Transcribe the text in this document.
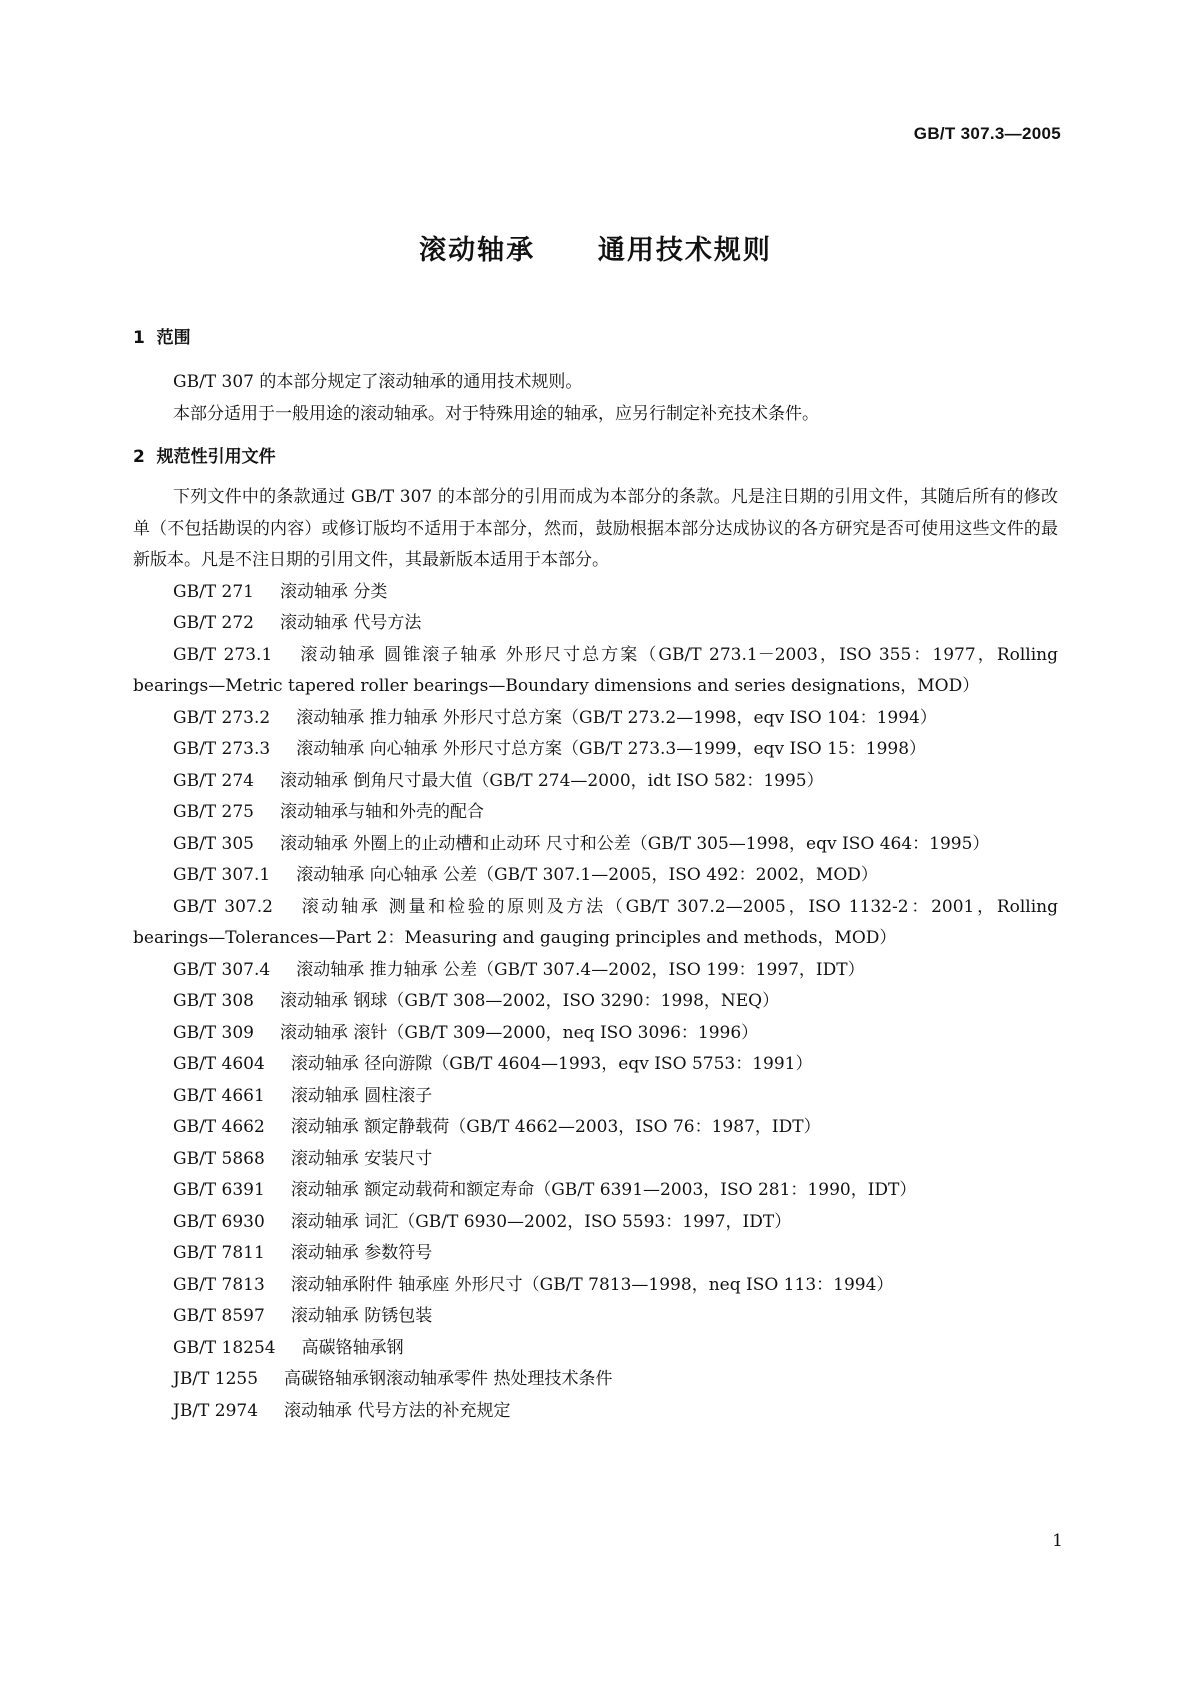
GB/T 307.3—2005
滚动轴承  通用技术规则
1  范围

GB/T 307 的本部分规定了滚动轴承的通用技术规则。

本部分适用于一般用途的滚动轴承。对于特殊用途的轴承，应另行制定补充技术条件。

2  规范性引用文件

下列文件中的条款通过 GB/T 307 的本部分的引用而成为本部分的条款。凡是注日期的引用文件，其随后所有的修改单（不包括勘误的内容）或修订版均不适用于本部分，然而，鼓励根据本部分达成协议的各方研究是否可使用这些文件的最新版本。凡是不注日期的引用文件，其最新版本适用于本部分。

GB/T 271 滚动轴承 分类
GB/T 272 滚动轴承 代号方法
GB/T 273.1 滚动轴承 圆锥滚子轴承 外形尺寸总方案（GB/T 273.1－2003，ISO 355：1977，Rolling bearings—Metric tapered roller bearings—Boundary dimensions and series designations，MOD）
GB/T 273.2 滚动轴承 推力轴承 外形尺寸总方案（GB/T 273.2—1998，eqv ISO 104：1994）
GB/T 273.3 滚动轴承 向心轴承 外形尺寸总方案（GB/T 273.3—1999，eqv ISO 15：1998）
GB/T 274 滚动轴承 倒角尺寸最大值（GB/T 274—2000，idt ISO 582：1995）
GB/T 275 滚动轴承与轴和外壳的配合
GB/T 305 滚动轴承 外圈上的止动槽和止动环 尺寸和公差（GB/T 305—1998，eqv ISO 464：1995）
GB/T 307.1 滚动轴承 向心轴承 公差（GB/T 307.1—2005，ISO 492：2002，MOD）
GB/T 307.2 滚动轴承 测量和检验的原则及方法（GB/T 307.2—2005，ISO 1132-2：2001，Rolling bearings—Tolerances—Part 2：Measuring and gauging principles and methods，MOD）
GB/T 307.4 滚动轴承 推力轴承 公差（GB/T 307.4—2002，ISO 199：1997，IDT）
GB/T 308 滚动轴承 钢球（GB/T 308—2002，ISO 3290：1998，NEQ）
GB/T 309 滚动轴承 滚针（GB/T 309—2000，neq ISO 3096：1996）
GB/T 4604 滚动轴承 径向游隙（GB/T 4604—1993，eqv ISO 5753：1991）
GB/T 4661 滚动轴承 圆柱滚子
GB/T 4662 滚动轴承 额定静载荷（GB/T 4662—2003，ISO 76：1987，IDT）
GB/T 5868 滚动轴承 安装尺寸
GB/T 6391 滚动轴承 额定动载荷和额定寿命（GB/T 6391—2003，ISO 281：1990，IDT）
GB/T 6930 滚动轴承 词汇（GB/T 6930—2002，ISO 5593：1997，IDT）
GB/T 7811 滚动轴承 参数符号
GB/T 7813 滚动轴承附件 轴承座 外形尺寸（GB/T 7813—1998，neq ISO 113：1994）
GB/T 8597 滚动轴承 防锈包装
GB/T 18254 高碳铬轴承钢
JB/T 1255 高碳铬轴承钢滚动轴承零件 热处理技术条件
JB/T 2974 滚动轴承 代号方法的补充规定
1
